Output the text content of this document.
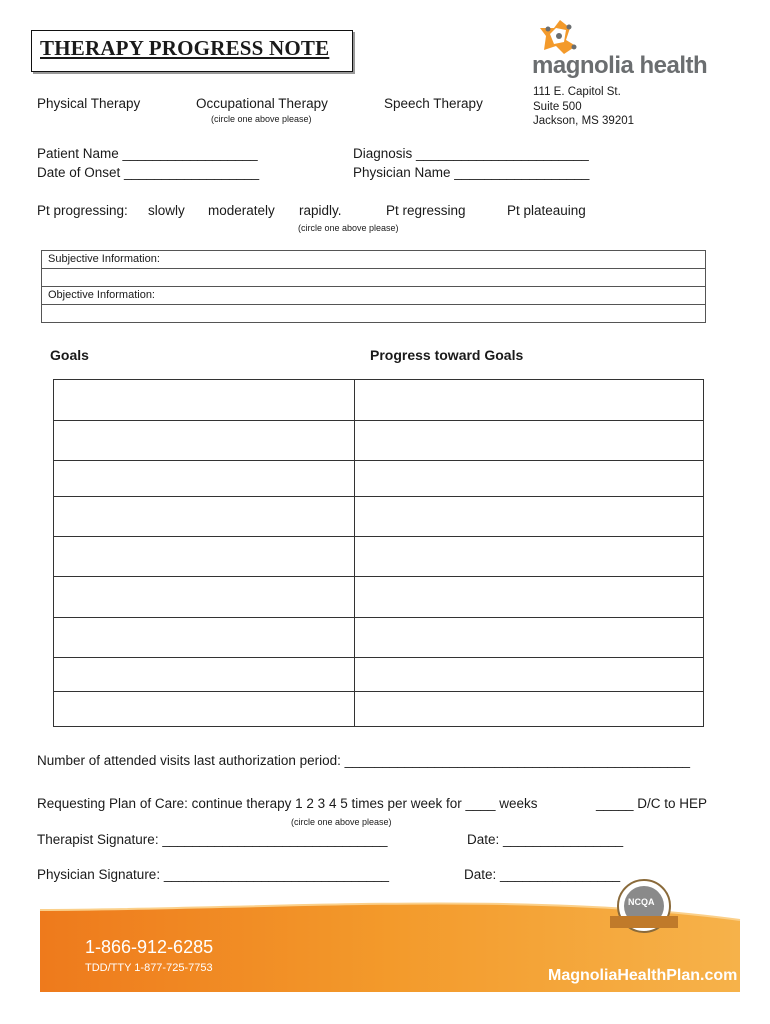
THERAPY PROGRESS NOTE
magnolia health
111 E. Capitol St.
Suite 500
Jackson, MS 39201
Physical Therapy	Occupational Therapy	Speech Therapy
(circle one above please)
Patient Name __________________
Date of Onset __________________
Diagnosis _______________________
Physician Name __________________
Pt progressing: slowly moderately rapidly.	Pt regressing	Pt plateauing
(circle one above please)
Subjective Information:
Objective Information:
Goals	Progress toward Goals

Number of attended visits last authorization period: ______________________________________________
Requesting Plan of Care: continue therapy 1 2 3 4 5 times per week for ____ weeks	_____ D/C to HEP
(circle one above please)
Therapist Signature: ______________________________	Date: ________________
Physician Signature: ______________________________	Date: ________________
NCQA
1-866-912-6285
TDD/TTY 1-877-725-7753	MagnoliaHealthPlan.com
